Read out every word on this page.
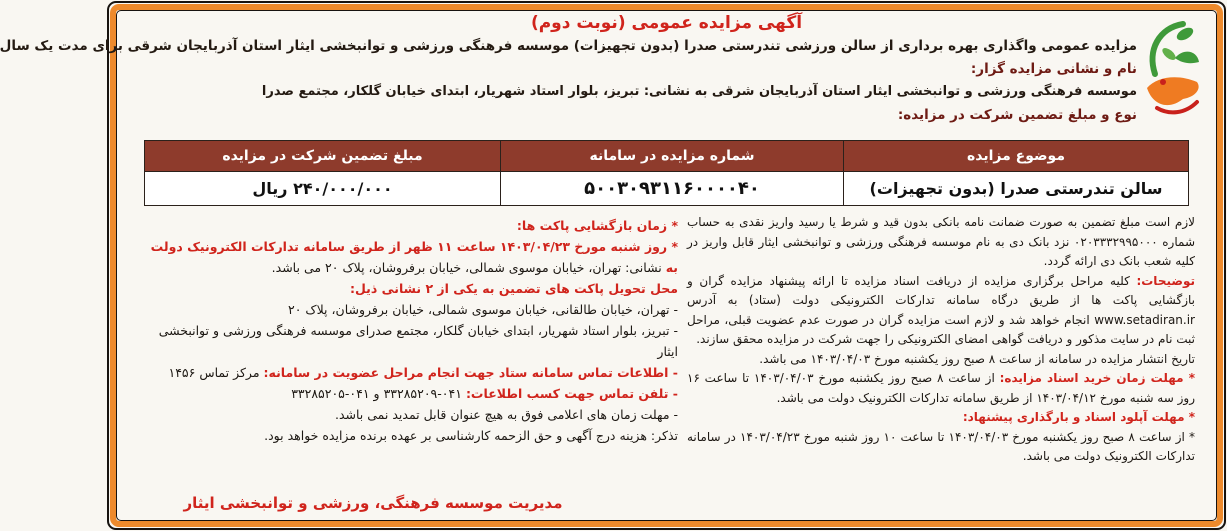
آگهی مزایده عمومی (نوبت دوم)
مزایده عمومی واگذاری بهره برداری از سالن ورزشی تندرستی صدرا (بدون تجهیزات) موسسه فرهنگی ورزشی و توانبخشی ایثار استان آذربایجان شرقی برای مدت یک سال
نام و نشانی مزایده گزار:
موسسه فرهنگی ورزشی و توانبخشی ایثار استان آذربایجان شرقی به نشانی: تبریز، بلوار استاد شهریار، ابتدای خیابان گلکار، مجتمع صدرا
نوع و مبلغ تضمین شرکت در مزایده:
موضوع مزایده
شماره مزایده در سامانه
مبلغ تضمین شرکت در مزایده
سالن تندرستی صدرا (بدون تجهیزات)
۵۰۰۳۰۹۳۱۱۶۰۰۰۰۴۰
۲۴۰/۰۰۰/۰۰۰ ریال

لازم است مبلغ تضمین به صورت ضمانت نامه بانکی بدون قید و شرط یا رسید واریز نقدی به حساب شماره ۰۲۰۳۳۳۲۹۹۵۰۰۰ نزد بانک دی به نام موسسه فرهنگی ورزشی و توانبخشی ایثار قابل واریز در کلیه شعب بانک دی ارائه گردد.

توضیحات: کلیه مراحل برگزاری مزایده از دریافت اسناد مزایده تا ارائه پیشنهاد مزایده گران و بازگشایی پاکت ها از طریق درگاه سامانه تدارکات الکترونیکی دولت (ستاد) به آدرس www.setadiran.ir انجام خواهد شد و لازم است مزایده گران در صورت عدم عضویت قبلی، مراحل ثبت نام در سایت مذکور و دریافت گواهی امضای الکترونیکی را جهت شرکت در مزایده محقق سازند.

تاریخ انتشار مزایده در سامانه از ساعت ۸ صبح روز یکشنبه مورخ ۱۴۰۳/۰۴/۰۳ می باشد.

* مهلت زمان خرید اسناد مزایده: از ساعت ۸ صبح روز یکشنبه مورخ ۱۴۰۳/۰۴/۰۳ تا ساعت ۱۶ روز سه شنبه مورخ ۱۴۰۳/۰۴/۱۲ از طریق سامانه تدارکات الکترونیک دولت می باشد.

* مهلت آپلود اسناد و بارگذاری پیشنهاد:

* از ساعت ۸ صبح روز یکشنبه مورخ ۱۴۰۳/۰۴/۰۳ تا ساعت ۱۰ روز شنبه مورخ ۱۴۰۳/۰۴/۲۳ در سامانه تدارکات الکترونیک دولت می باشد.

* زمان بازگشایی پاکت ها:

* روز شنبه مورخ ۱۴۰۳/۰۴/۲۳ ساعت ۱۱ ظهر از طریق سامانه تدارکات الکترونیک دولت به نشانی: تهران، خیابان موسوی شمالی، خیابان برفروشان، پلاک ۲۰ می باشد.

محل تحویل پاکت های تضمین به یکی از ۲ نشانی ذیل:

- تهران، خیابان طالقانی، خیابان موسوی شمالی، خیابان برفروشان، پلاک ۲۰

- تبریز، بلوار استاد شهریار، ابتدای خیابان گلکار، مجتمع صدرای موسسه فرهنگی ورزشی و توانبخشی ایثار

- اطلاعات تماس سامانه ستاد جهت انجام مراحل عضویت در سامانه: مرکز تماس ۱۴۵۶

- تلفن تماس جهت کسب اطلاعات: ۰۴۱-۳۳۲۸۵۲۰۹ و ۰۴۱-۳۳۲۸۵۲۰۵

- مهلت زمان های اعلامی فوق به هیچ عنوان قابل تمدید نمی باشد.

تذکر: هزینه درج آگهی و حق الزحمه کارشناسی بر عهده برنده مزایده خواهد بود.

مدیریت موسسه فرهنگی، ورزشی و توانبخشی ایثار
